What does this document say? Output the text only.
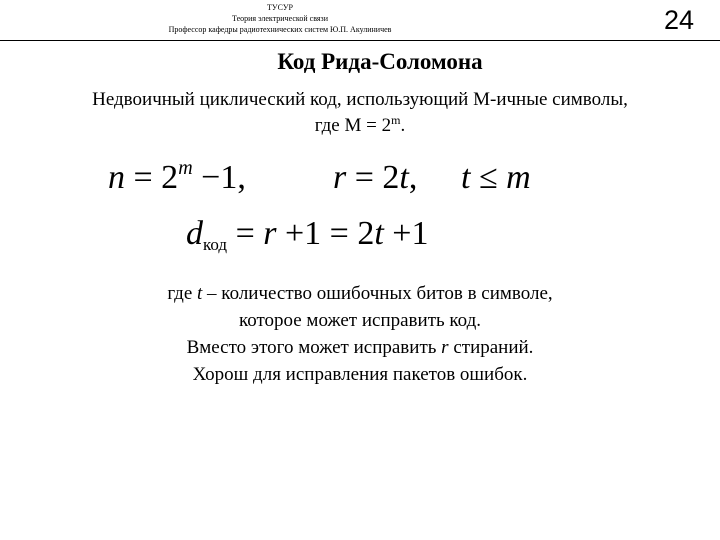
ТУСУР
Теория электрической связи
Профессор кафедры радиотехнических систем Ю.П. Акулиничев	24
Код Рида-Соломона

Недвоичный циклический код, использующий М-ичные символы,

где $М = 2^m$.

$n = 2^m -1$,	r = 2t, t ≤ m
$d_{код} = r +1 = 2t +1$

где t – количество ошибочных битов в символе,

которое может исправить код.

Вместо этого может исправить r стираний.

Хорош для исправления пакетов ошибок.
